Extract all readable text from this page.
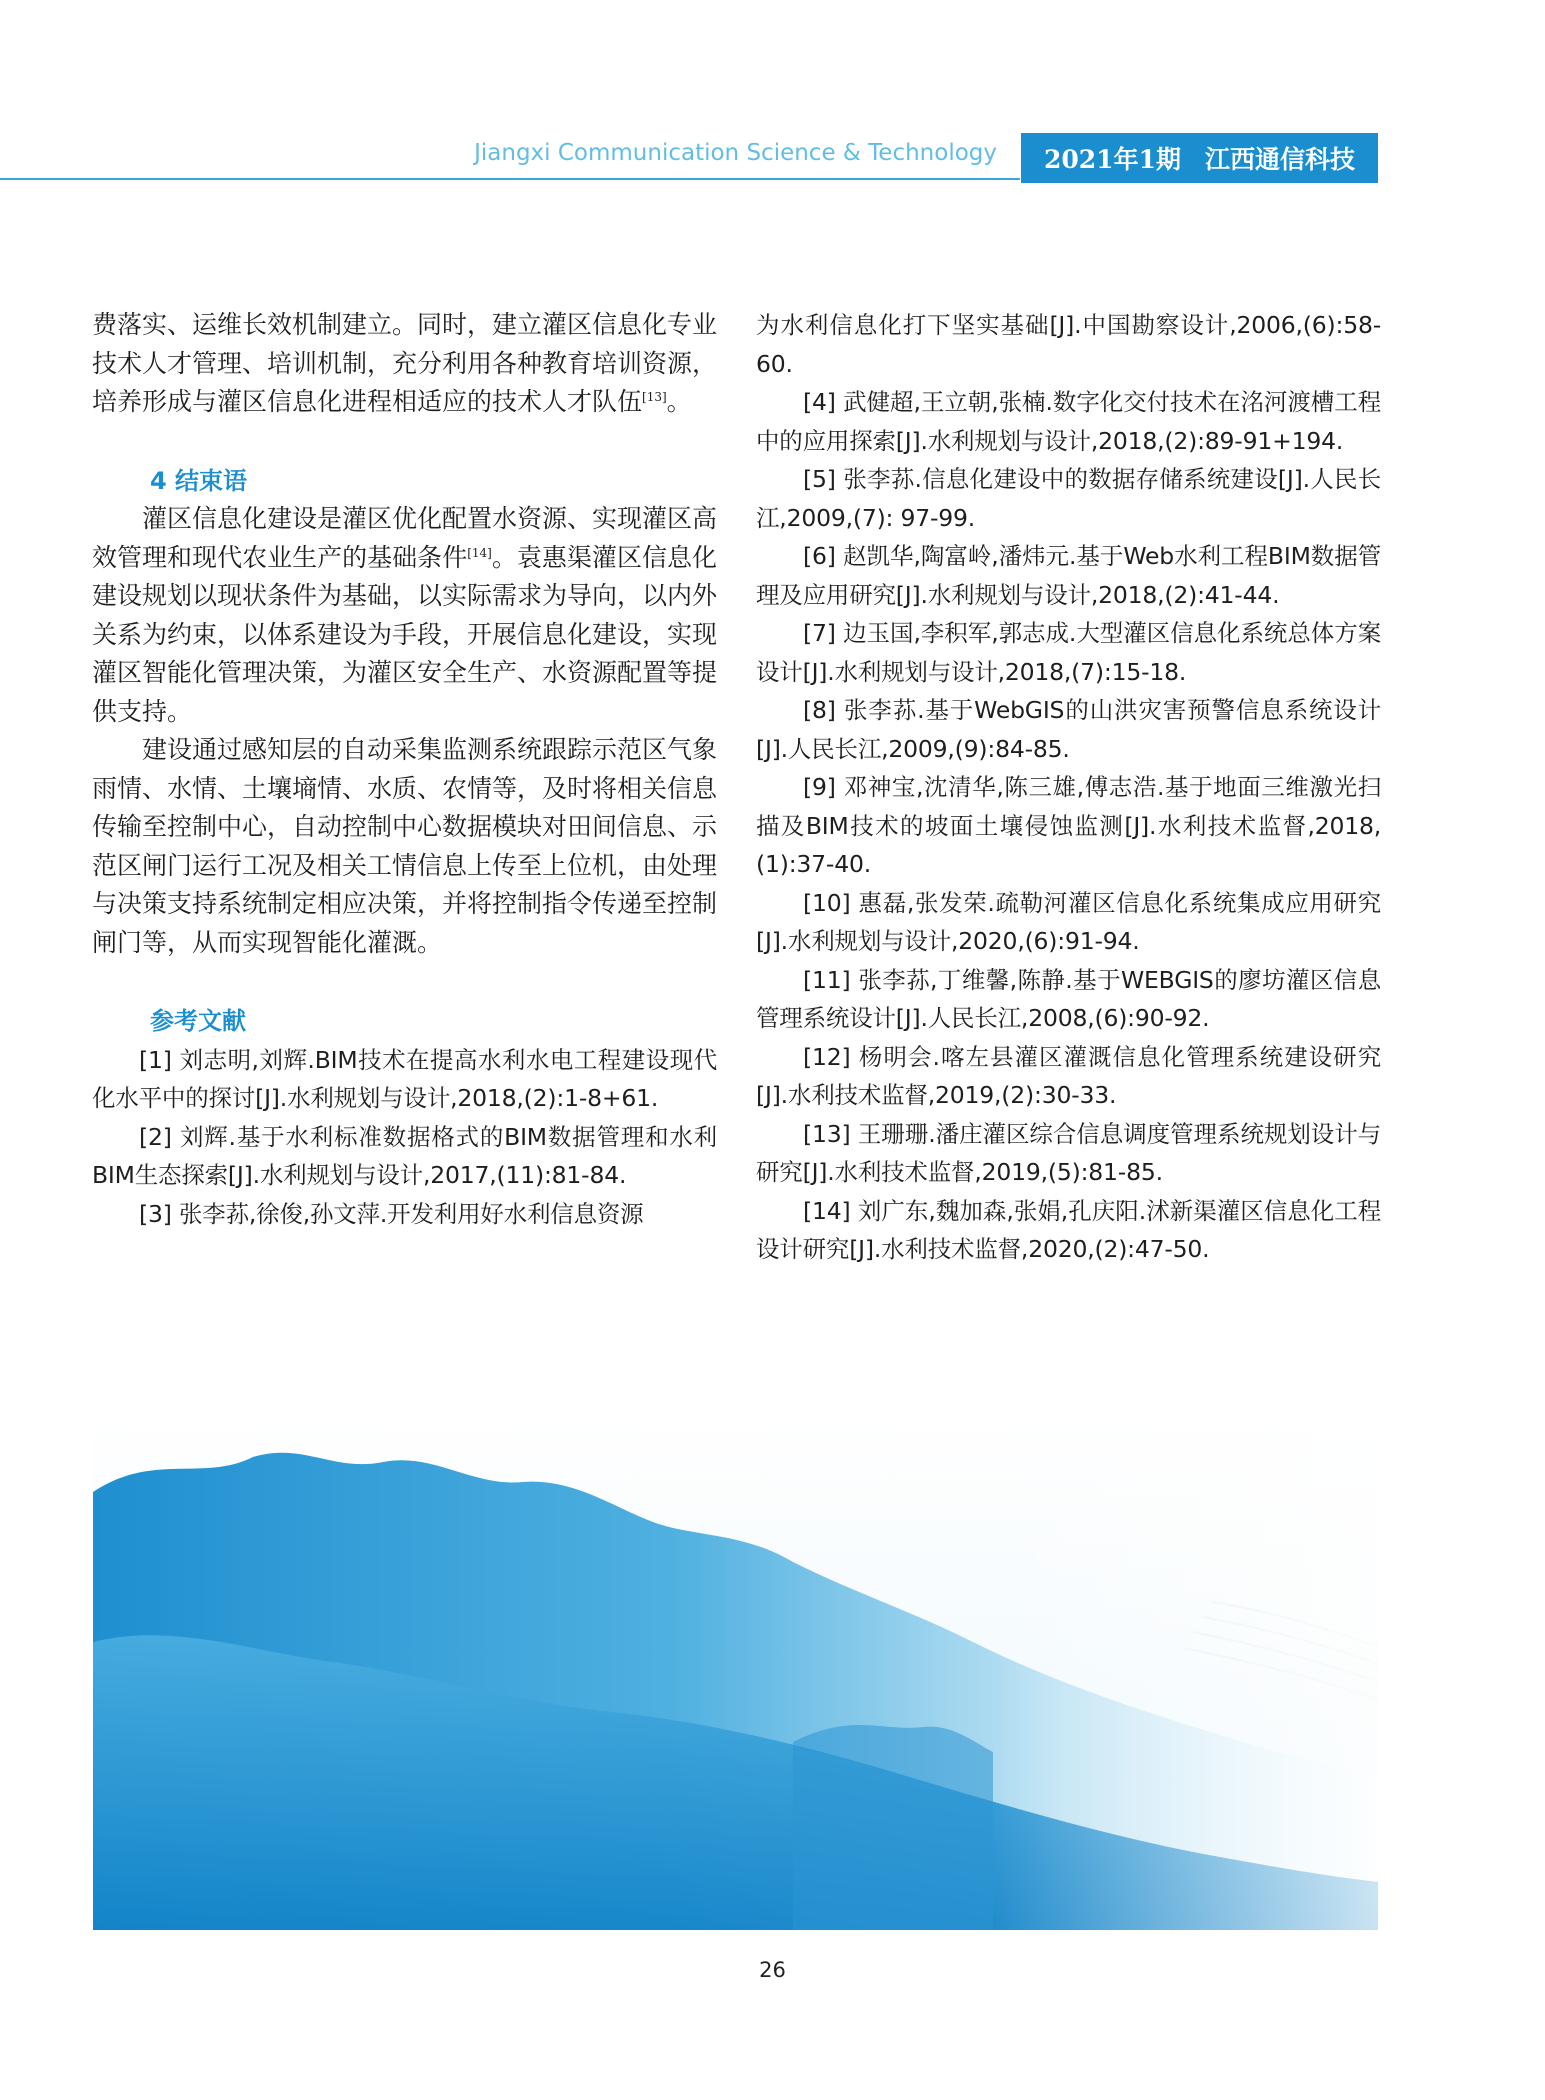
Jiangxi Communication Science & Technology 2021年1期 江西通信科技

费落实、运维长效机制建立。同时，建立灌区信息化专业技术人才管理、培训机制，充分利用各种教育培训资源，培养形成与灌区信息化进程相适应的技术人才队伍[13]。

4 结束语

灌区信息化建设是灌区优化配置水资源、实现灌区高效管理和现代农业生产的基础条件[14]。袁惠渠灌区信息化建设规划以现状条件为基础，以实际需求为导向，以内外关系为约束，以体系建设为手段，开展信息化建设，实现灌区智能化管理决策，为灌区安全生产、水资源配置等提供支持。

建设通过感知层的自动采集监测系统跟踪示范区气象雨情、水情、土壤墒情、水质、农情等，及时将相关信息传输至控制中心，自动控制中心数据模块对田间信息、示范区闸门运行工况及相关工情信息上传至上位机，由处理与决策支持系统制定相应决策，并将控制指令传递至控制闸门等，从而实现智能化灌溉。

参考文献

[1] 刘志明,刘辉.BIM技术在提高水利水电工程建设现代化水平中的探讨[J].水利规划与设计,2018,(2):1-8+61.

[2] 刘辉.基于水利标准数据格式的BIM数据管理和水利BIM生态探索[J].水利规划与设计,2017,(11):81-84.

[3] 张李荪,徐俊,孙文萍.开发利用好水利信息资源

为水利信息化打下坚实基础[J].中国勘察设计,2006,(6):58-60.

[4] 武健超,王立朝,张楠.数字化交付技术在洺河渡槽工程中的应用探索[J].水利规划与设计,2018,(2):89-91+194.

[5] 张李荪.信息化建设中的数据存储系统建设[J].人民长江,2009,(7): 97-99.

[6] 赵凯华,陶富岭,潘炜元.基于Web水利工程BIM数据管理及应用研究[J].水利规划与设计,2018,(2):41-44.

[7] 边玉国,李积军,郭志成.大型灌区信息化系统总体方案设计[J].水利规划与设计,2018,(7):15-18.

[8] 张李荪.基于WebGIS的山洪灾害预警信息系统设计[J].人民长江,2009,(9):84-85.

[9] 邓神宝,沈清华,陈三雄,傅志浩.基于地面三维激光扫描及BIM技术的坡面土壤侵蚀监测[J].水利技术监督,2018,(1):37-40.

[10] 惠磊,张发荣.疏勒河灌区信息化系统集成应用研究[J].水利规划与设计,2020,(6):91-94.

[11] 张李荪,丁维馨,陈静.基于WEBGIS的廖坊灌区信息管理系统设计[J].人民长江,2008,(6):90-92.

[12] 杨明会.喀左县灌区灌溉信息化管理系统建设研究[J].水利技术监督,2019,(2):30-33.

[13] 王珊珊.潘庄灌区综合信息调度管理系统规划设计与研究[J].水利技术监督,2019,(5):81-85.

[14] 刘广东,魏加森,张娟,孔庆阳.沭新渠灌区信息化工程设计研究[J].水利技术监督,2020,(2):47-50.

26
